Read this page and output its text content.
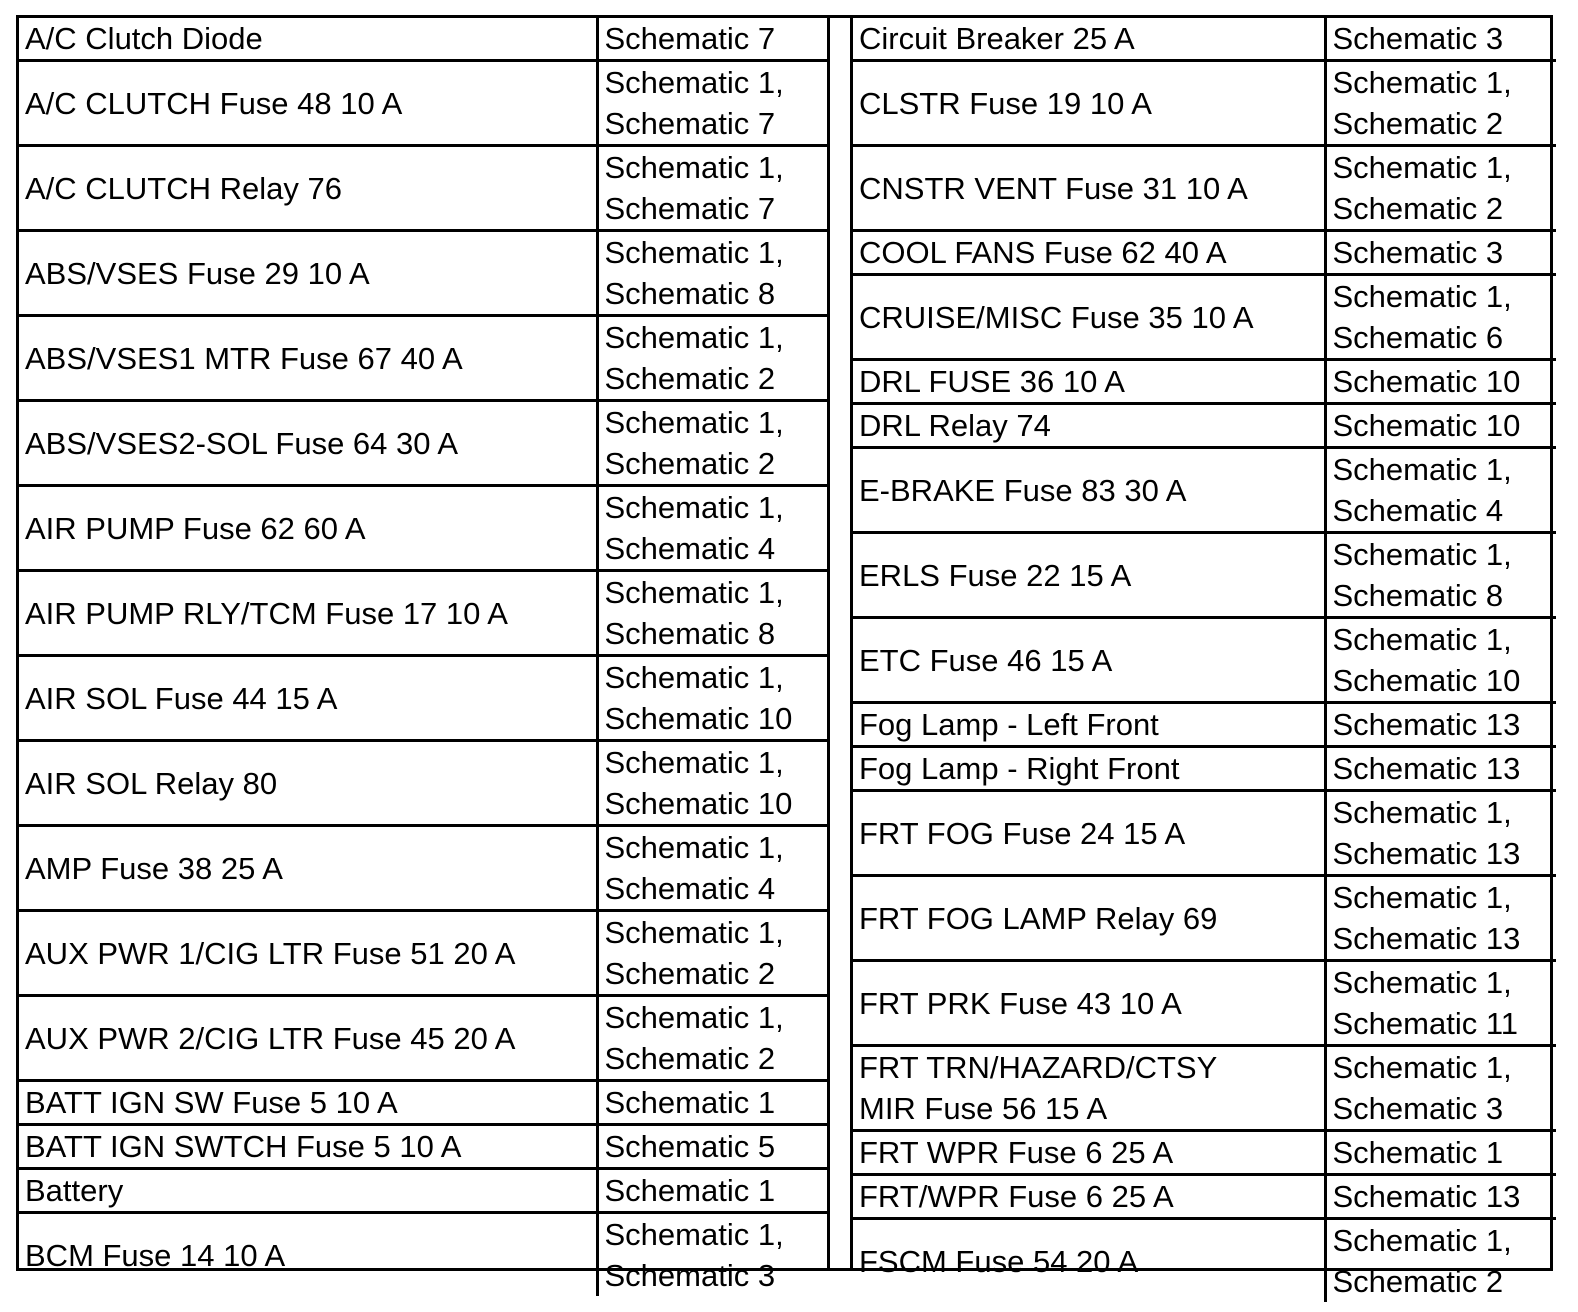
A/C Clutch Diode	Schematic 7
A/C CLUTCH Fuse 48 10 A	Schematic 1,
Schematic 7
A/C CLUTCH Relay 76	Schematic 1,
Schematic 7
ABS/VSES Fuse 29 10 A	Schematic 1,
Schematic 8
ABS/VSES1 MTR Fuse 67 40 A	Schematic 1,
Schematic 2
ABS/VSES2-SOL Fuse 64 30 A	Schematic 1,
Schematic 2
AIR PUMP Fuse 62 60 A	Schematic 1,
Schematic 4
AIR PUMP RLY/TCM Fuse 17 10 A	Schematic 1,
Schematic 8
AIR SOL Fuse 44 15 A	Schematic 1,
Schematic 10
AIR SOL Relay 80	Schematic 1,
Schematic 10
AMP Fuse 38 25 A	Schematic 1,
Schematic 4
AUX PWR 1/CIG LTR Fuse 51 20 A	Schematic 1,
Schematic 2
AUX PWR 2/CIG LTR Fuse 45 20 A	Schematic 1,
Schematic 2
BATT IGN SW Fuse 5 10 A	Schematic 1
BATT IGN SWTCH Fuse 5 10 A	Schematic 5
Battery	Schematic 1
BCM Fuse 14 10 A	Schematic 1,
Schematic 3
Circuit Breaker 25 A	Schematic 3
CLSTR Fuse 19 10 A	Schematic 1,
Schematic 2
CNSTR VENT Fuse 31 10 A	Schematic 1,
Schematic 2
COOL FANS Fuse 62 40 A	Schematic 3
CRUISE/MISC Fuse 35 10 A	Schematic 1,
Schematic 6
DRL FUSE 36 10 A	Schematic 10
DRL Relay 74	Schematic 10
E-BRAKE Fuse 83 30 A	Schematic 1,
Schematic 4
ERLS Fuse 22 15 A	Schematic 1,
Schematic 8
ETC Fuse 46 15 A	Schematic 1,
Schematic 10
Fog Lamp - Left Front	Schematic 13
Fog Lamp - Right Front	Schematic 13
FRT FOG Fuse 24 15 A	Schematic 1,
Schematic 13
FRT FOG LAMP Relay 69	Schematic 1,
Schematic 13
FRT PRK Fuse 43 10 A	Schematic 1,
Schematic 11
FRT TRN/HAZARD/CTSY
MIR Fuse 56 15 A	Schematic 1,
Schematic 3
FRT WPR Fuse 6 25 A	Schematic 1
FRT/WPR Fuse 6 25 A	Schematic 13
FSCM Fuse 54 20 A	Schematic 1,
Schematic 2
